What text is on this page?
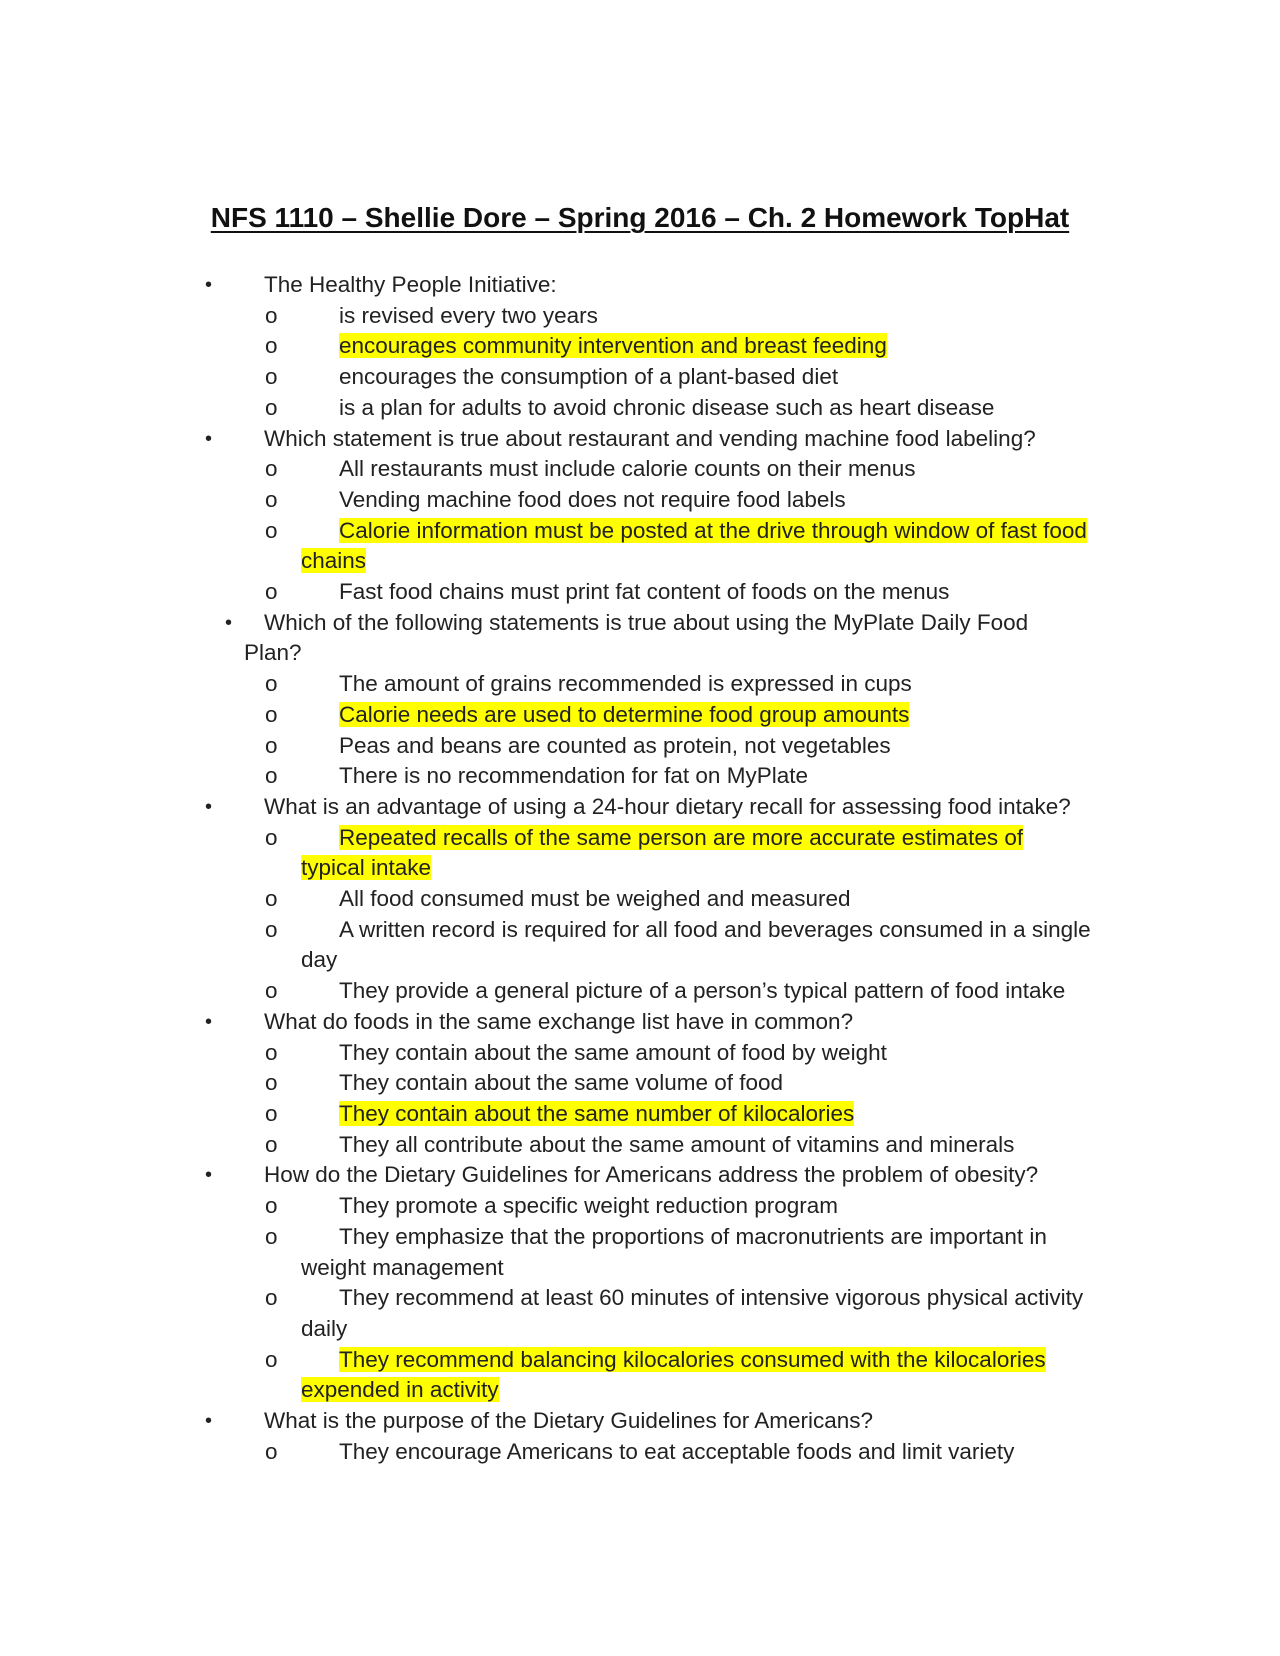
NFS 1110 – Shellie Dore – Spring 2016 – Ch. 2 Homework TopHat
• The Healthy People Initiative:
o	is revised every two years
o	encourages community intervention and breast feeding
o	encourages the consumption of a plant-based diet
o	is a plan for adults to avoid chronic disease such as heart disease
• Which statement is true about restaurant and vending machine food labeling?
o	All restaurants must include calorie counts on their menus
o	Vending machine food does not require food labels
o	Calorie information must be posted at the drive through window of fast food chains
o	Fast food chains must print fat content of foods on the menus
• Which of the following statements is true about using the MyPlate Daily Food Plan?
o	The amount of grains recommended is expressed in cups
o	Calorie needs are used to determine food group amounts
o	Peas and beans are counted as protein, not vegetables
o	There is no recommendation for fat on MyPlate
• What is an advantage of using a 24-hour dietary recall for assessing food intake?
o	Repeated recalls of the same person are more accurate estimates of typical intake
o	All food consumed must be weighed and measured
o	A written record is required for all food and beverages consumed in a single day
o	They provide a general picture of a person’s typical pattern of food intake
• What do foods in the same exchange list have in common?
o	They contain about the same amount of food by weight
o	They contain about the same volume of food
o	They contain about the same number of kilocalories
o	They all contribute about the same amount of vitamins and minerals
• How do the Dietary Guidelines for Americans address the problem of obesity?
o	They promote a specific weight reduction program
o	They emphasize that the proportions of macronutrients are important in weight management
o	They recommend at least 60 minutes of intensive vigorous physical activity daily
o	They recommend balancing kilocalories consumed with the kilocalories expended in activity
• What is the purpose of the Dietary Guidelines for Americans?
o	They encourage Americans to eat acceptable foods and limit variety
